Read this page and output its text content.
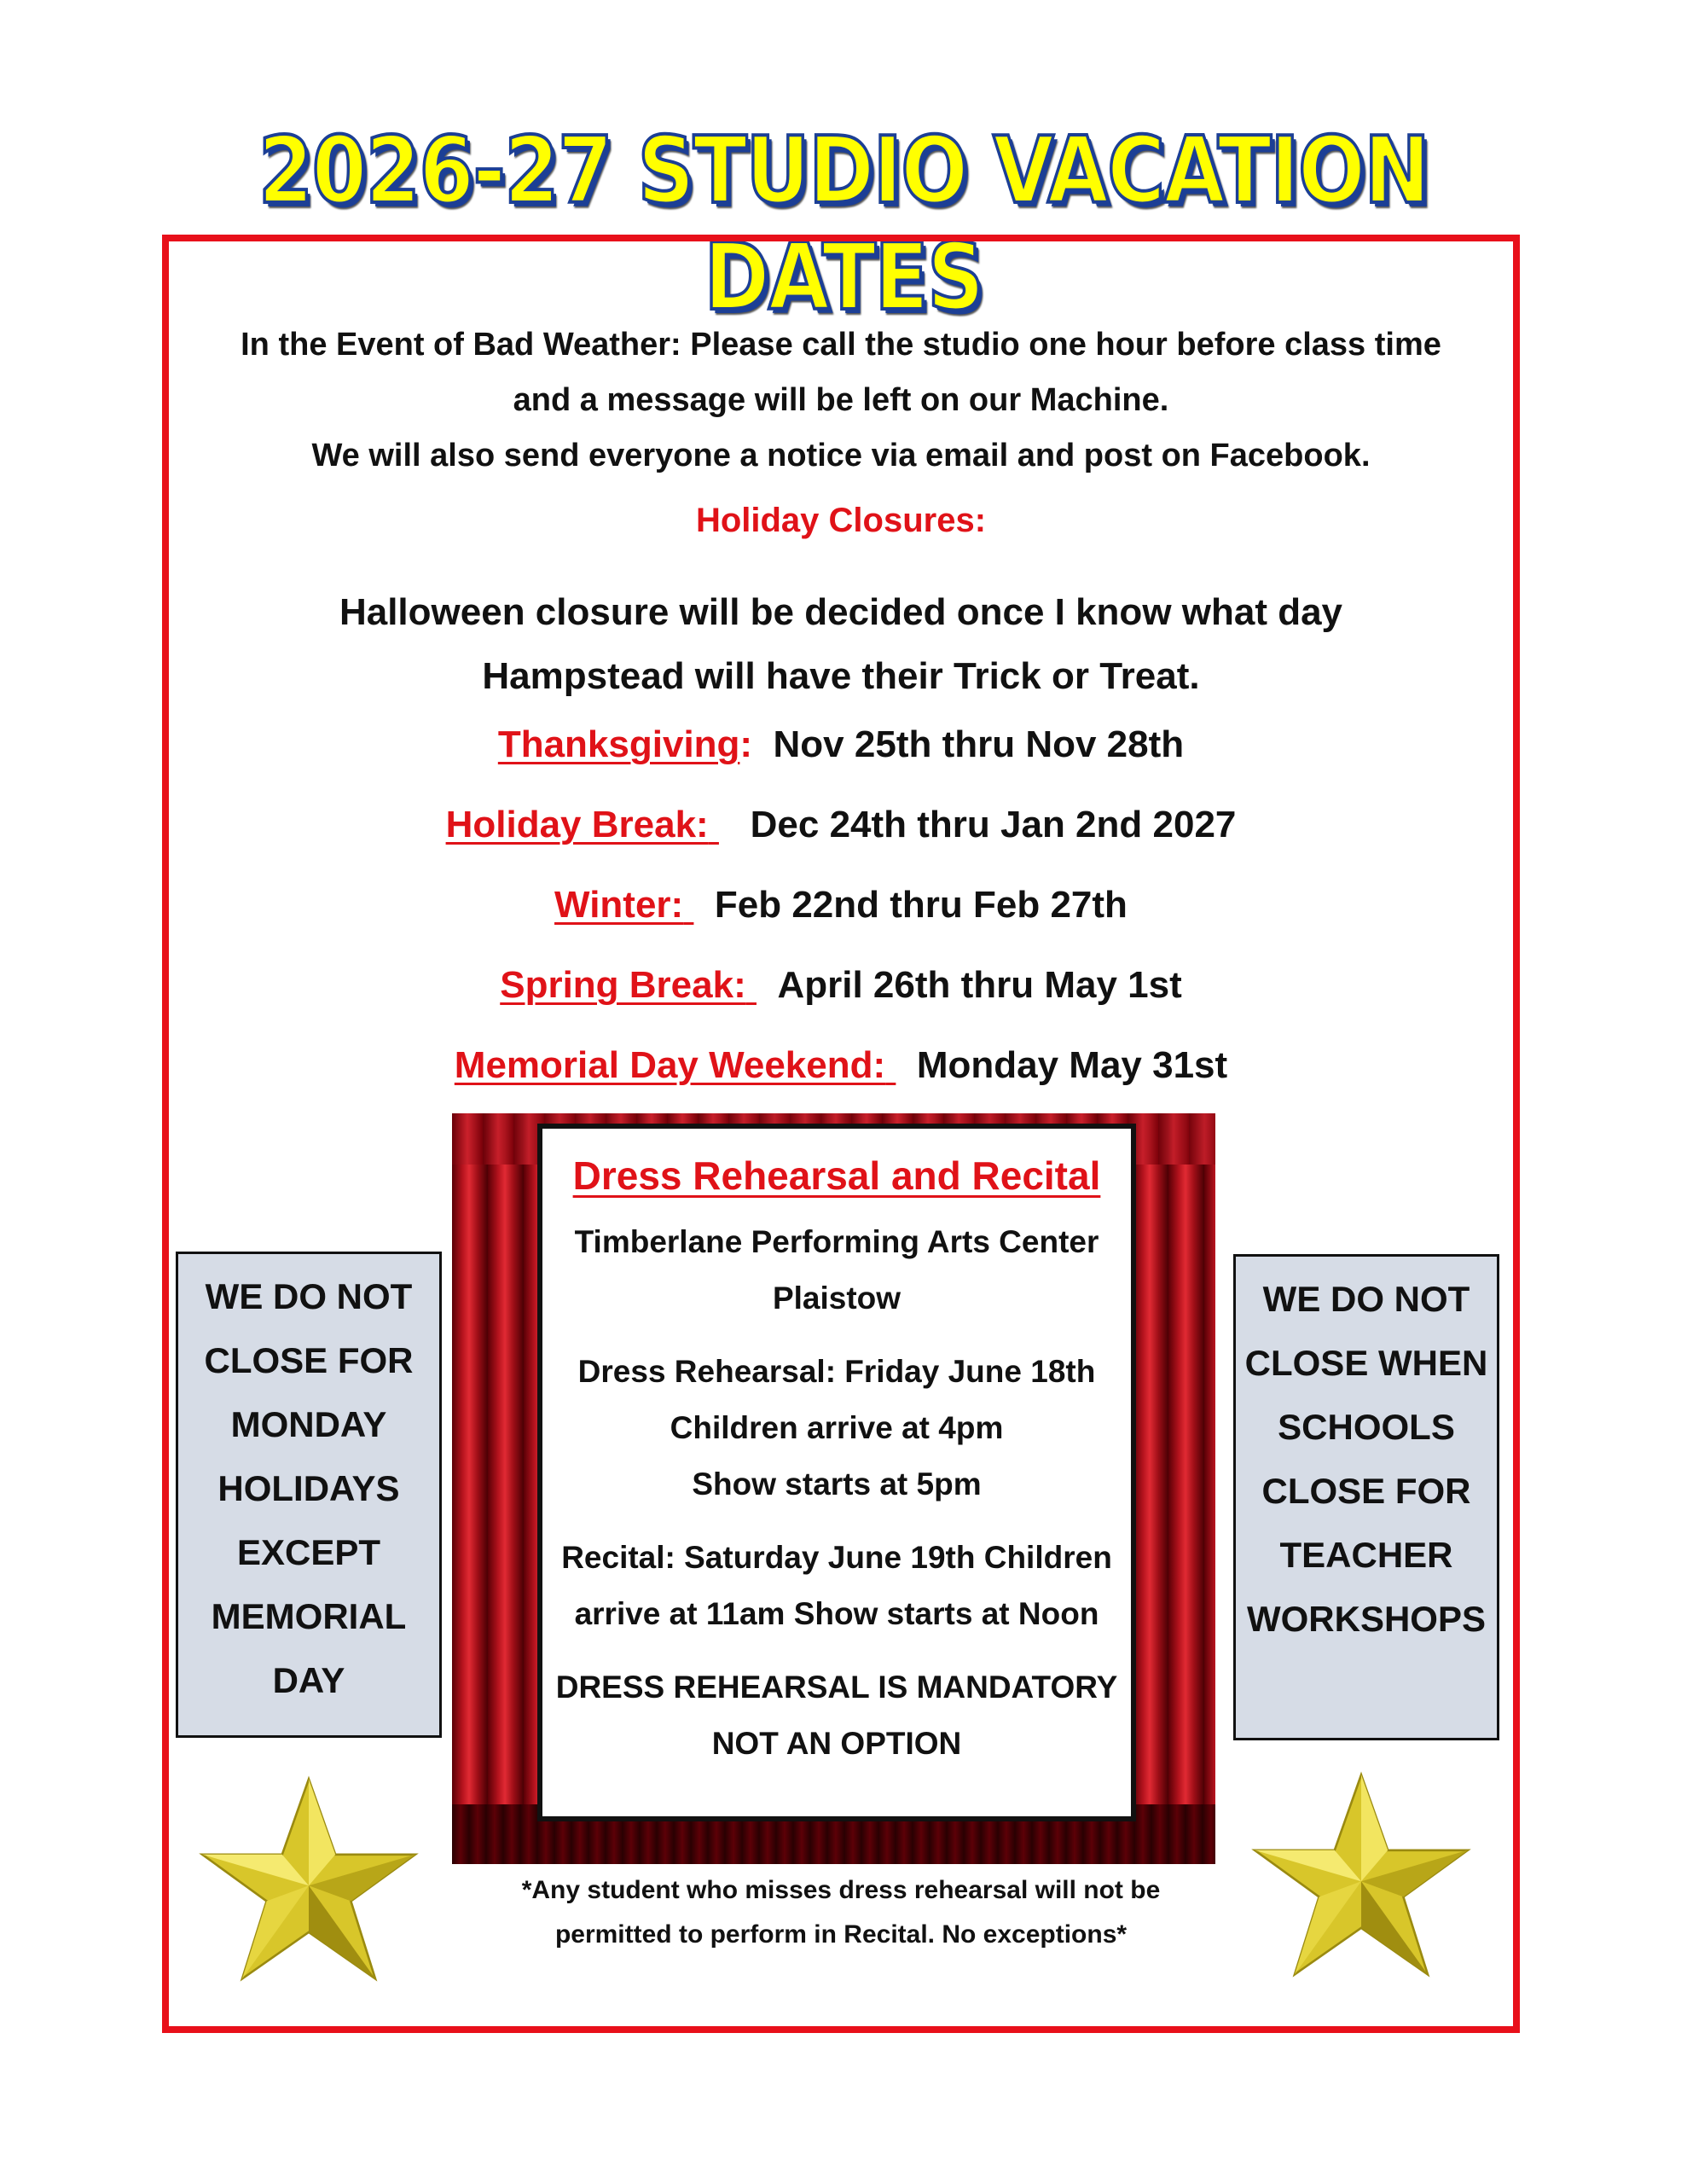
2026-27 STUDIO VACATION DATES
In the Event of Bad Weather: Please call the studio one hour before class time
and a message will be left on our Machine.
We will also send everyone a notice via email and post on Facebook.
Holiday Closures:
Halloween closure will be decided once I know what day
Hampstead will have their Trick or Treat.
Thanksgiving: Nov 25th thru Nov 28th
Holiday Break: Dec 24th thru Jan 2nd 2027
Winter: Feb 22nd thru Feb 27th
Spring Break: April 26th thru May 1st
Memorial Day Weekend: Monday May 31st
Dress Rehearsal and Recital
Timberlane Performing Arts Center
Plaistow
Dress Rehearsal: Friday June 18th
Children arrive at 4pm
Show starts at 5pm
Recital: Saturday June 19th Children
arrive at 11am Show starts at Noon
DRESS REHEARSAL IS MANDATORY
NOT AN OPTION
WE DO NOT
CLOSE FOR
MONDAY
HOLIDAYS
EXCEPT
MEMORIAL
DAY
WE DO NOT
CLOSE WHEN
SCHOOLS
CLOSE FOR
TEACHER
WORKSHOPS
*Any student who misses dress rehearsal will not be
permitted to perform in Recital. No exceptions*
